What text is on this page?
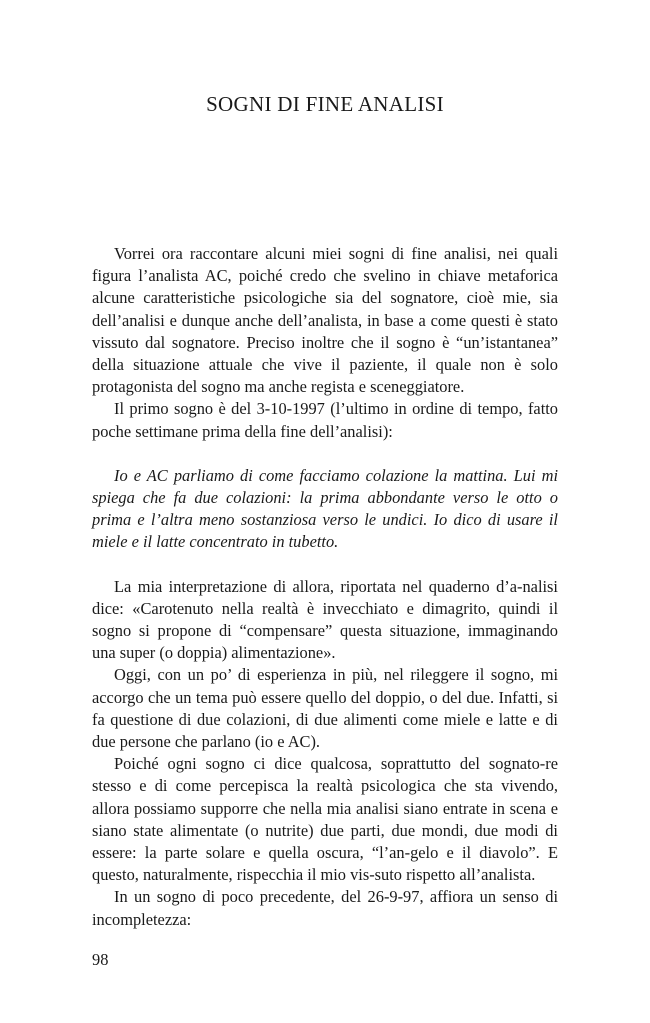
SOGNI DI FINE ANALISI

Vorrei ora raccontare alcuni miei sogni di fine analisi, nei quali figura l’analista AC, poiché credo che svelino in chiave metaforica alcune caratteristiche psicologiche sia del sognatore, cioè mie, sia dell’analisi e dunque anche dell’analista, in base a come questi è stato vissuto dal sognatore. Preciso inoltre che il sogno è “un’istantanea” della situazione attuale che vive il paziente, il quale non è solo protagonista del sogno ma anche regista e sceneggiatore.

Il primo sogno è del 3-10-1997 (l’ultimo in ordine di tempo, fatto poche settimane prima della fine dell’analisi):

Io e AC parliamo di come facciamo colazione la mattina. Lui mi spiega che fa due colazioni: la prima abbondante verso le otto o prima e l’altra meno sostanziosa verso le undici. Io dico di usare il miele e il latte concentrato in tubetto.

La mia interpretazione di allora, riportata nel quaderno d’a-nalisi dice: «Carotenuto nella realtà è invecchiato e dimagrito, quindi il sogno si propone di “compensare” questa situazione, immaginando una super (o doppia) alimentazione».

Oggi, con un po’ di esperienza in più, nel rileggere il sogno, mi accorgo che un tema può essere quello del doppio, o del due. Infatti, si fa questione di due colazioni, di due alimenti come miele e latte e di due persone che parlano (io e AC).

Poiché ogni sogno ci dice qualcosa, soprattutto del sognato-re stesso e di come percepisca la realtà psicologica che sta vivendo, allora possiamo supporre che nella mia analisi siano entrate in scena e siano state alimentate (o nutrite) due parti, due mondi, due modi di essere: la parte solare e quella oscura, “l’an-gelo e il diavolo”. E questo, naturalmente, rispecchia il mio vis-suto rispetto all’analista.

In un sogno di poco precedente, del 26-9-97, affiora un senso di incompletezza:

98
